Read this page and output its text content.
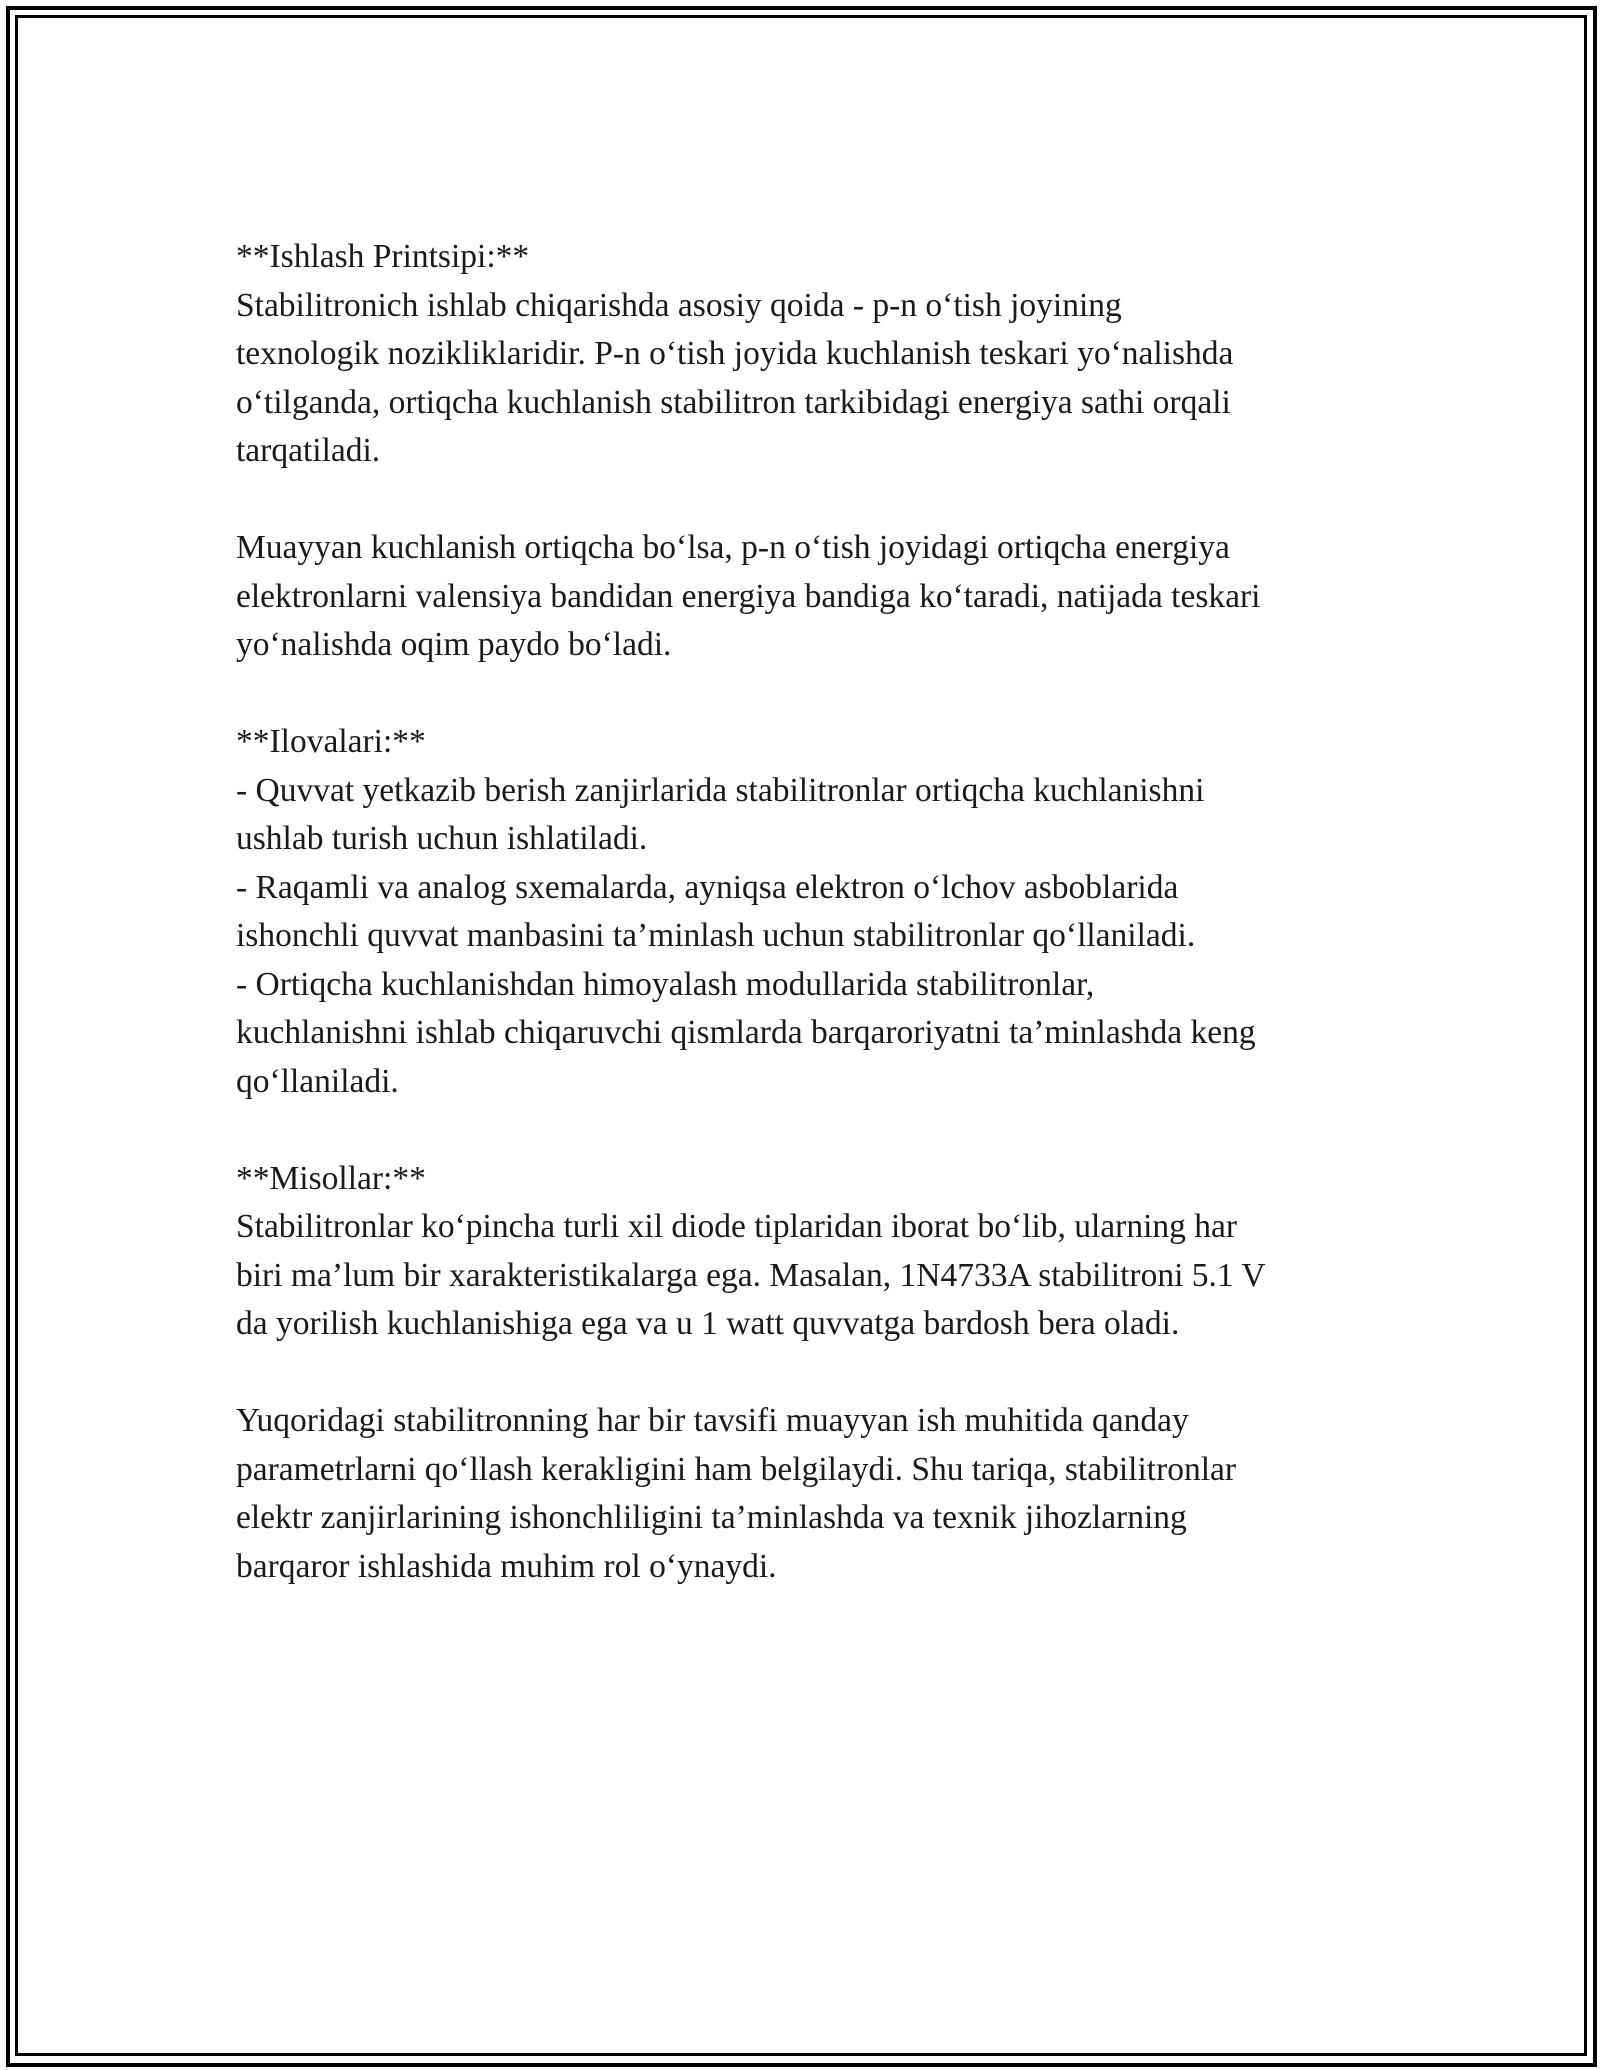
**Ishlash Printsipi:**
Stabilitronich ishlab chiqarishda asosiy qoida - p-n o‘tish joyining
texnologik nozikliklaridir. P-n o‘tish joyida kuchlanish teskari yo‘nalishda
o‘tilganda, ortiqcha kuchlanish stabilitron tarkibidagi energiya sathi orqali
tarqatiladi.
Muayyan kuchlanish ortiqcha bo‘lsa, p-n o‘tish joyidagi ortiqcha energiya
elektronlarni valensiya bandidan energiya bandiga ko‘taradi, natijada teskari
yo‘nalishda oqim paydo bo‘ladi.
**Ilovalari:**
- Quvvat yetkazib berish zanjirlarida stabilitronlar ortiqcha kuchlanishni
ushlab turish uchun ishlatiladi.
- Raqamli va analog sxemalarda, ayniqsa elektron o‘lchov asboblarida
ishonchli quvvat manbasini ta’minlash uchun stabilitronlar qo‘llaniladi.
- Ortiqcha kuchlanishdan himoyalash modullarida stabilitronlar,
kuchlanishni ishlab chiqaruvchi qismlarda barqaroriyatni ta’minlashda keng
qo‘llaniladi.
**Misollar:**
Stabilitronlar ko‘pincha turli xil diode tiplaridan iborat bo‘lib, ularning har
biri ma’lum bir xarakteristikalarga ega. Masalan, 1N4733A stabilitroni 5.1 V
da yorilish kuchlanishiga ega va u 1 watt quvvatga bardosh bera oladi.
Yuqoridagi stabilitronning har bir tavsifi muayyan ish muhitida qanday
parametrlarni qo‘llash kerakligini ham belgilaydi. Shu tariqa, stabilitronlar
elektr zanjirlarining ishonchliligini ta’minlashda va texnik jihozlarning
barqaror ishlashida muhim rol o‘ynaydi.
